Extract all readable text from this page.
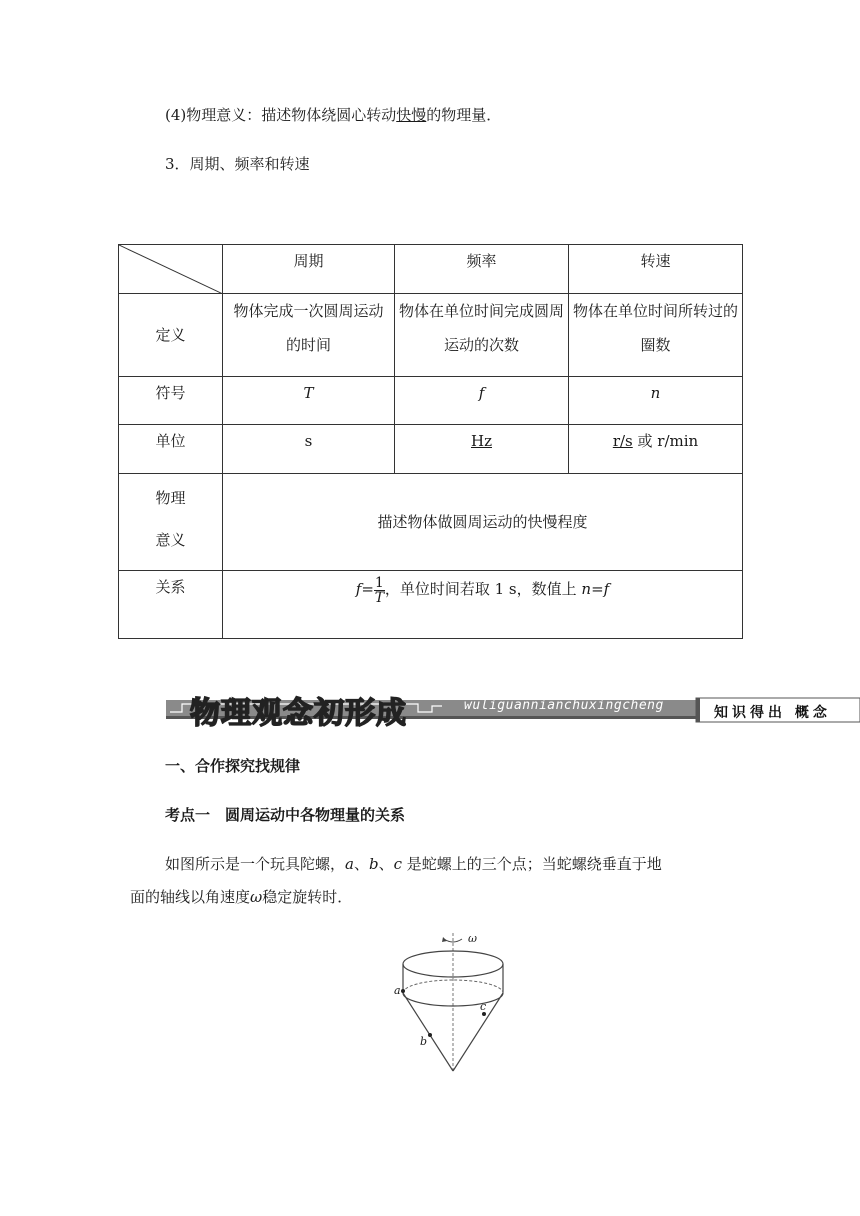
(4)物理意义：描述物体绕圆心转动快慢的物理量．
3．周期、频率和转速
	周期	频率	转速
定义	物体完成一次圆周运动的时间	物体在单位时间完成圆周运动的次数	物体在单位时间所转过的圈数
符号	T	f	n
单位	s	Hz	r/s 或 r/min

物理
意义	描述物体做圆周运动的快慢程度		
关系	$f= \frac{1}{T}$ ，单位时间若取 1 s，数值上 n=f		
物理观念初形成	wuliguannianchuxingcheng	知识得出 概念
一、合作探究找规律
考点一　圆周运动中各物理量的关系
如图所示是一个玩具陀螺，a、b、c 是蛇螺上的三个点；当蛇螺绕垂直于地
面的轴线以角速度ω稳定旋转时．
ω
a
c
b
